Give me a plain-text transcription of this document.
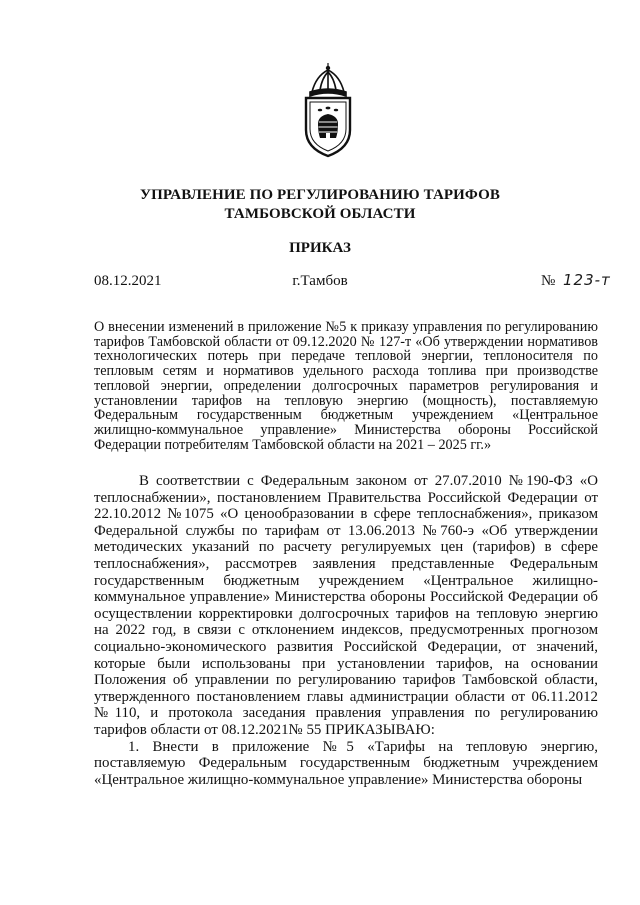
УПРАВЛЕНИЕ ПО РЕГУЛИРОВАНИЮ ТАРИФОВ
ТАМБОВСКОЙ ОБЛАСТИ
ПРИКАЗ
08.12.2021	г.Тамбов	№ 123-т
О внесении изменений в приложение №5 к приказу управления по регулированию тарифов Тамбовской области от 09.12.2020 № 127-т «Об утверждении нормативов технологических потерь при передаче тепловой энергии, теплоносителя по тепловым сетям и нормативов удельного расхода топлива при производстве тепловой энергии, определении долгосрочных параметров регулирования и установлении тарифов на тепловую энергию (мощность), поставляемую Федеральным государственным бюджетным учреждением «Центральное жилищно-коммунальное управление» Министерства обороны Российской Федерации потребителям Тамбовской области на 2021 – 2025 гг.»

В соответствии с Федеральным законом от 27.07.2010 №190-ФЗ «О теплоснабжении», постановлением Правительства Российской Федерации от 22.10.2012 №1075 «О ценообразовании в сфере теплоснабжения», приказом Федеральной службы по тарифам от 13.06.2013 №760-э «Об утверждении методических указаний по расчету регулируемых цен (тарифов) в сфере теплоснабжения», рассмотрев заявления представленные Федеральным государственным бюджетным учреждением «Центральное жилищно-коммунальное управление» Министерства обороны Российской Федерации об осуществлении корректировки долгосрочных тарифов на тепловую энергию на 2022 год, в связи с отклонением индексов, предусмотренных прогнозом социально-экономического развития Российской Федерации, от значений, которые были использованы при установлении тарифов, на основании Положения об управлении по регулированию тарифов Тамбовской области, утвержденного постановлением главы администрации области от 06.11.2012 №110, и протокола заседания правления управления по регулированию тарифов области от 08.12.2021№ 55 ПРИКАЗЫВАЮ:

1. Внести в приложение №5 «Тарифы на тепловую энергию, поставляемую Федеральным государственным бюджетным учреждением «Центральное жилищно-коммунальное управление» Министерства обороны
